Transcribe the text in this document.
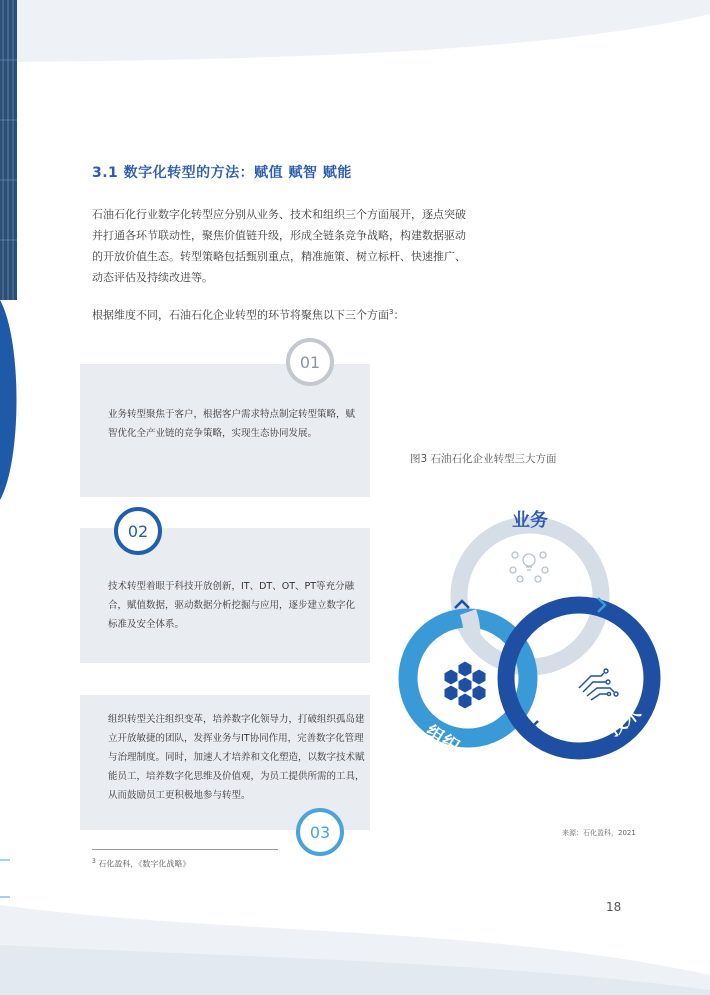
3.1 数字化转型的方法：赋值 赋智 赋能
石油石化行业数字化转型应分别从业务、技术和组织三个方面展开，逐点突破并打通各环节联动性，聚焦价值链升级，形成全链条竞争战略，构建数据驱动的开放价值生态。转型策略包括甄别重点，精准施策、树立标杆、快速推广、动态评估及持续改进等。
根据维度不同，石油石化企业转型的环节将聚焦以下三个方面$^3$：
业务转型聚焦于客户，根据客户需求特点制定转型策略，赋智优化全产业链的竞争策略，实现生态协同发展。
01
技术转型着眼于科技开放创新，IT、DT、OT、PT等充分融合，赋值数据，驱动数据分析挖掘与应用，逐步建立数字化标准及安全体系。
02
组织转型关注组织变革，培养数字化领导力，打破组织孤岛建立开放敏捷的团队，发挥业务与IT协同作用，完善数字化管理与治理制度。同时，加速人才培养和文化塑造，以数字技术赋能员工，培养数字化思维及价值观，为员工提供所需的工具，从而鼓励员工更积极地参与转型。
03
图3 石油石化企业转型三大方面
业务
组织	技术
来源：石化盈科，2021
$^3$ 石化盈科，《数字化战略》
18
